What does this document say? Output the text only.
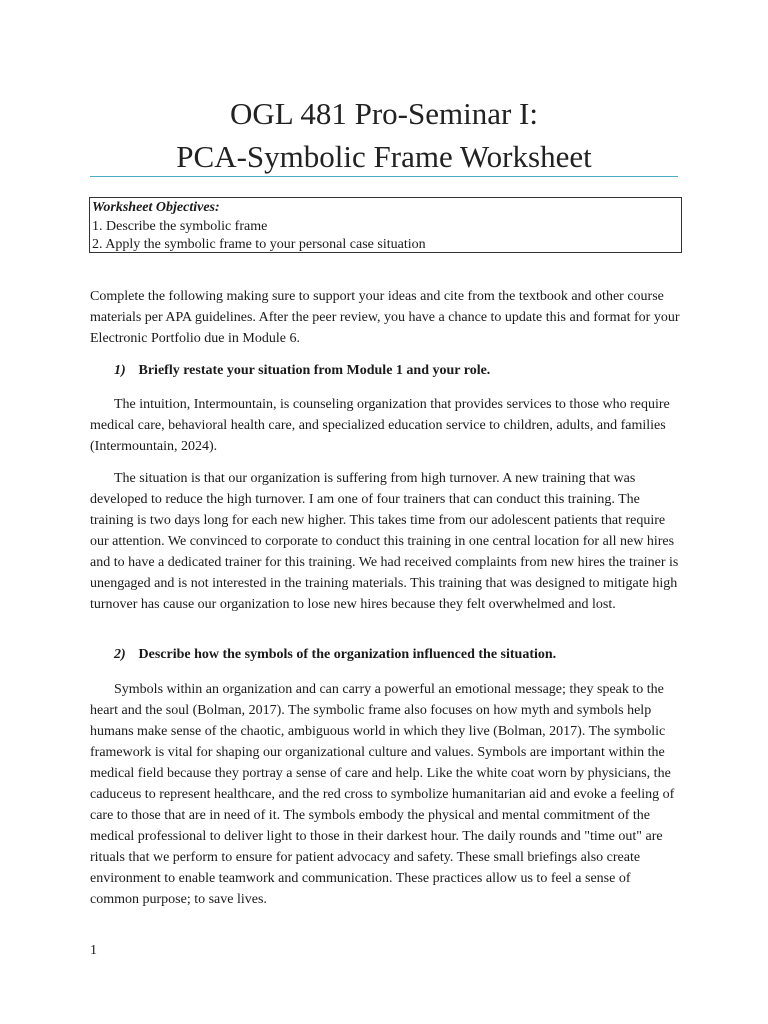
OGL 481 Pro-Seminar I:
PCA-Symbolic Frame Worksheet
Worksheet Objectives:
1. Describe the symbolic frame
2. Apply the symbolic frame to your personal case situation

Complete the following making sure to support your ideas and cite from the textbook and other course materials per APA guidelines. After the peer review, you have a chance to update this and format for your Electronic Portfolio due in Module 6.

1) Briefly restate your situation from Module 1 and your role.

The intuition, Intermountain, is counseling organization that provides services to those who require medical care, behavioral health care, and specialized education service to children, adults, and families (Intermountain, 2024).

The situation is that our organization is suffering from high turnover. A new training that was developed to reduce the high turnover. I am one of four trainers that can conduct this training. The training is two days long for each new higher. This takes time from our adolescent patients that require our attention. We convinced to corporate to conduct this training in one central location for all new hires and to have a dedicated trainer for this training. We had received complaints from new hires the trainer is unengaged and is not interested in the training materials. This training that was designed to mitigate high turnover has cause our organization to lose new hires because they felt overwhelmed and lost.

2) Describe how the symbols of the organization influenced the situation.

Symbols within an organization and can carry a powerful an emotional message; they speak to the heart and the soul (Bolman, 2017). The symbolic frame also focuses on how myth and symbols help humans make sense of the chaotic, ambiguous world in which they live (Bolman, 2017). The symbolic framework is vital for shaping our organizational culture and values. Symbols are important within the medical field because they portray a sense of care and help. Like the white coat worn by physicians, the caduceus to represent healthcare, and the red cross to symbolize humanitarian aid and evoke a feeling of care to those that are in need of it. The symbols embody the physical and mental commitment of the medical professional to deliver light to those in their darkest hour. The daily rounds and "time out" are rituals that we perform to ensure for patient advocacy and safety. These small briefings also create environment to enable teamwork and communication. These practices allow us to feel a sense of common purpose; to save lives.

1
